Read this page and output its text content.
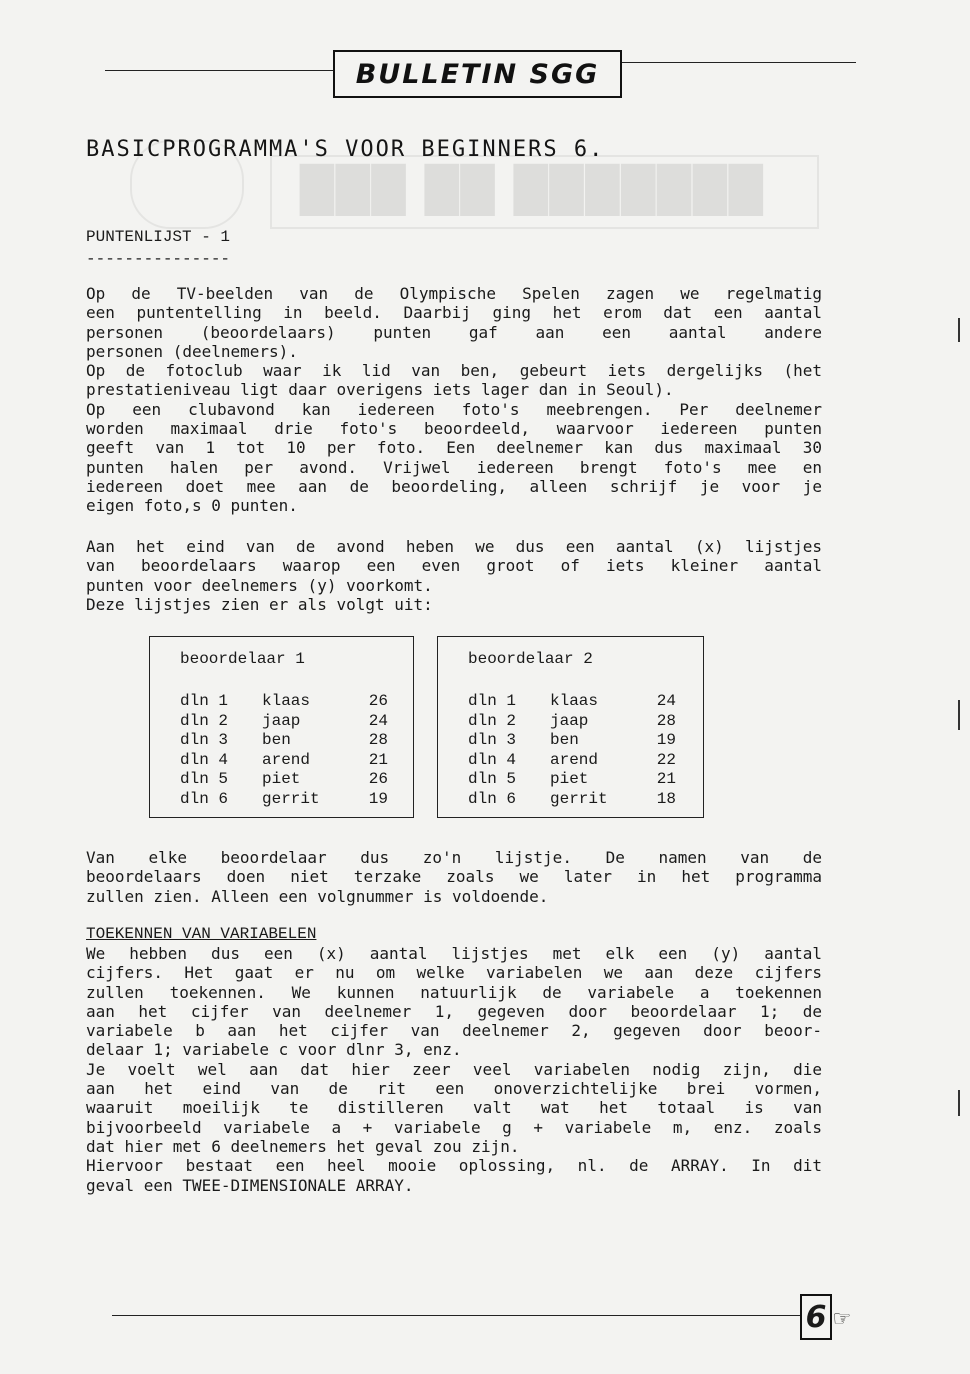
███ ██ ███████
BULLETIN SGG
BASICPROGRAMMA'S VOOR BEGINNERS 6.
PUNTENLIJST - 1
---------------
Op de TV-beelden van de Olympische Spelen zagen we regelmatig
een puntentelling in beeld. Daarbij ging het erom dat een aantal
personen (beoordelaars) punten gaf aan een aantal andere
personen (deelnemers).
Op de fotoclub waar ik lid van ben, gebeurt iets dergelijks (het
prestatieniveau ligt daar overigens iets lager dan in Seoul).
Op een clubavond kan iedereen foto's meebrengen. Per deelnemer
worden maximaal drie foto's beoordeeld, waarvoor iedereen punten
geeft van 1 tot 10 per foto. Een deelnemer kan dus maximaal 30
punten halen per avond. Vrijwel iedereen brengt foto's mee en
iedereen doet mee aan de beoordeling, alleen schrijf je voor je
eigen foto,s 0 punten.
Aan het eind van de avond heben we dus een aantal (x) lijstjes
van beoordelaars waarop een even groot of iets kleiner aantal
punten voor deelnemers (y) voorkomt.
Deze lijstjes zien er als volgt uit:
beoordelaar 1
dln 1 klaas	26
dln 2 jaap	24
dln 3 ben	28
dln 4 arend	21
dln 5 piet	26
dln 6 gerrit	19
beoordelaar 2
dln 1 klaas	24
dln 2 jaap	28
dln 3 ben	19
dln 4 arend	22
dln 5 piet	21
dln 6 gerrit	18
Van elke beoordelaar dus zo'n lijstje. De namen van de
beoordelaars doen niet terzake zoals we later in het programma
zullen zien. Alleen een volgnummer is voldoende.
TOEKENNEN VAN VARIABELEN
We hebben dus een (x) aantal lijstjes met elk een (y) aantal
cijfers. Het gaat er nu om welke variabelen we aan deze cijfers
zullen toekennen. We kunnen natuurlijk de variabele a toekennen
aan het cijfer van deelnemer 1, gegeven door beoordelaar 1; de
variabele b aan het cijfer van deelnemer 2, gegeven door beoor-
delaar 1; variabele c voor dlnr 3, enz.
Je voelt wel aan dat hier zeer veel variabelen nodig zijn, die
aan het eind van de rit een onoverzichtelijke brei vormen,
waaruit moeilijk te distilleren valt wat het totaal is van
bijvoorbeeld variabele a + variabele g + variabele m, enz. zoals
dat hier met 6 deelnemers het geval zou zijn.
Hiervoor bestaat een heel mooie oplossing, nl. de ARRAY. In dit
geval een TWEE-DIMENSIONALE ARRAY.
6 ☞
